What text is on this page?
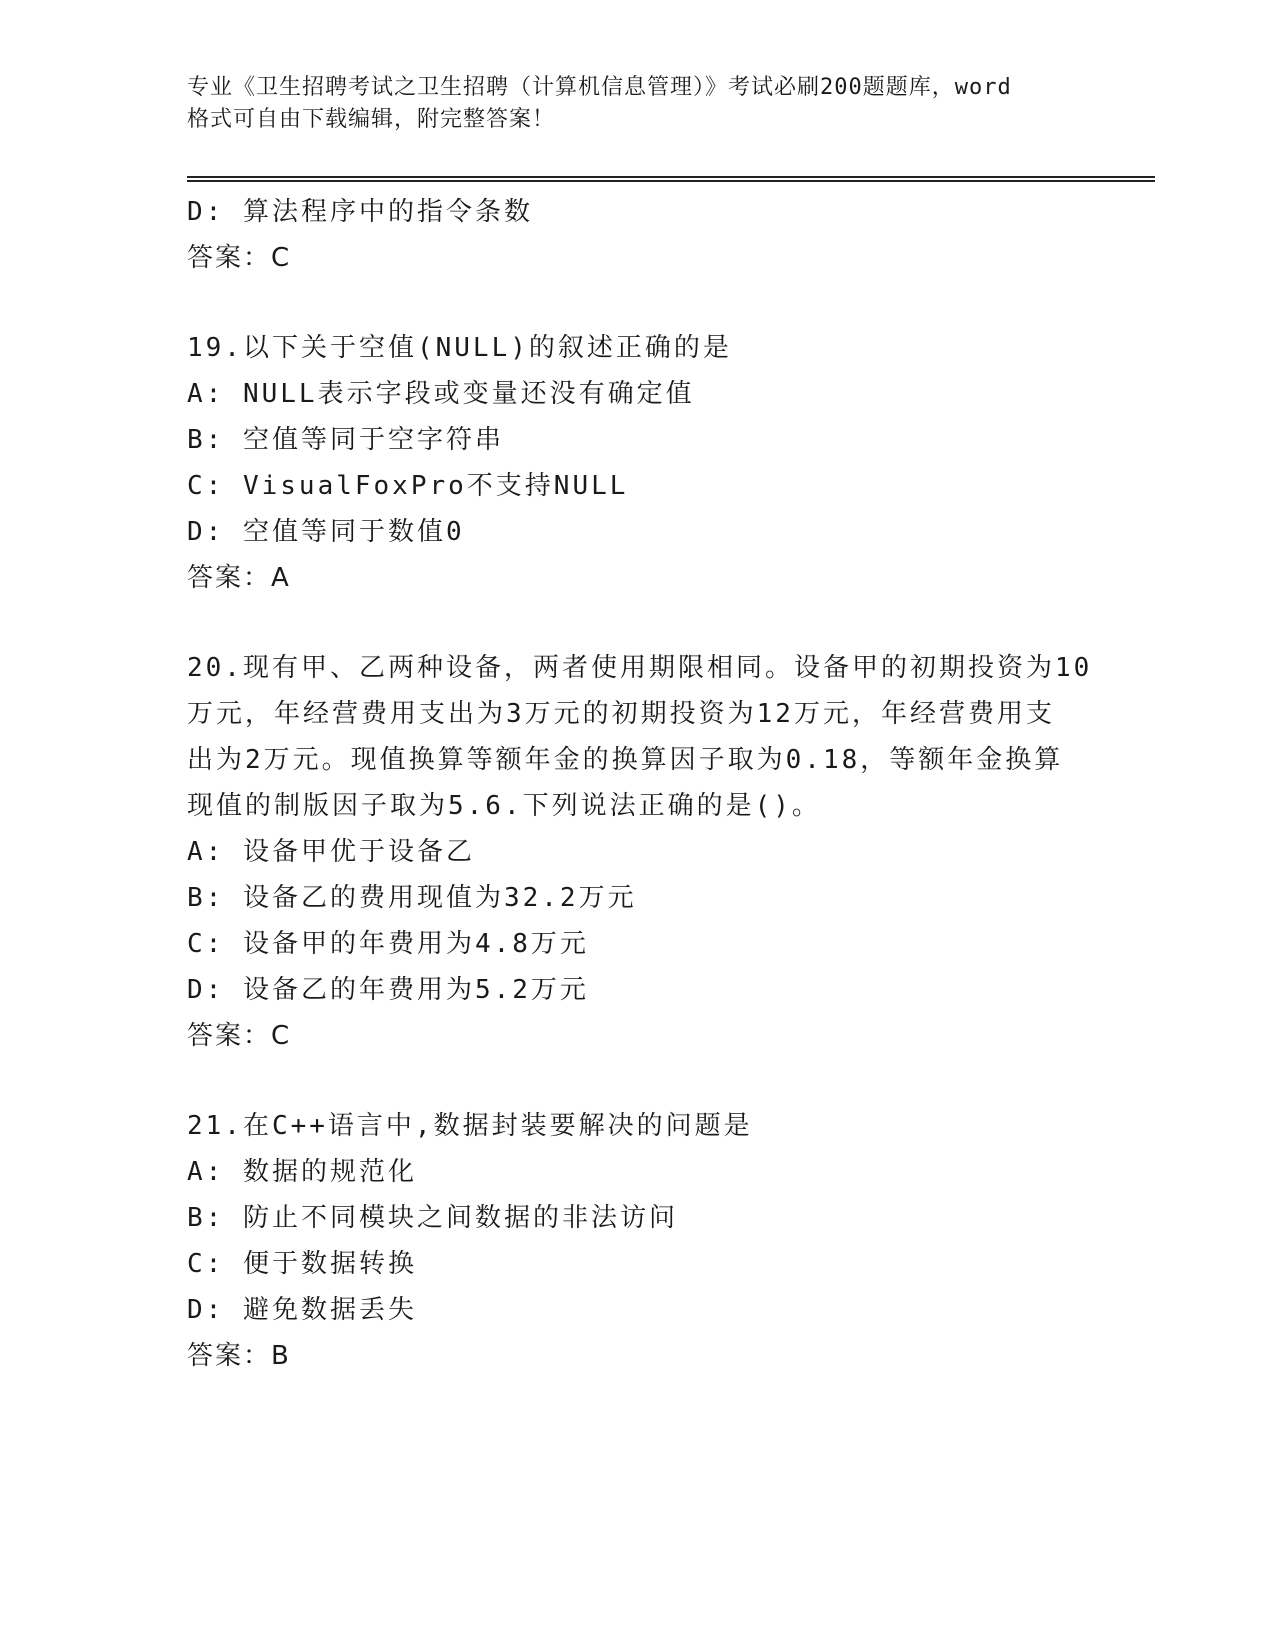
专业《卫生招聘考试之卫生招聘（计算机信息管理）》考试必刷200题题库，word
格式可自由下载编辑，附完整答案！
D: 算法程序中的指令条数
答案：C
19.以下关于空值(NULL)的叙述正确的是
A: NULL表示字段或变量还没有确定值
B: 空值等同于空字符串
C: VisualFoxPro不支持NULL
D: 空值等同于数值0
答案：A
20.现有甲、乙两种设备，两者使用期限相同。设备甲的初期投资为10
万元，年经营费用支出为3万元的初期投资为12万元，年经营费用支
出为2万元。现值换算等额年金的换算因子取为0.18，等额年金换算
现值的制版因子取为5.6.下列说法正确的是()。
A: 设备甲优于设备乙
B: 设备乙的费用现值为32.2万元
C: 设备甲的年费用为4.8万元
D: 设备乙的年费用为5.2万元
答案：C
21.在C++语言中,数据封装要解决的问题是
A: 数据的规范化
B: 防止不同模块之间数据的非法访问
C: 便于数据转换
D: 避免数据丢失
答案：B
